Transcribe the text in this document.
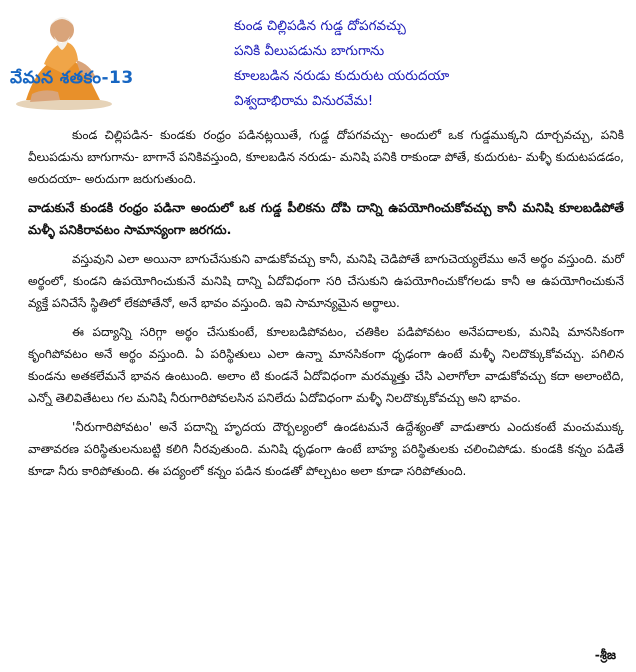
వేమన శతకం-13
కుండ చిల్లిపడిన గుడ్డ దోపగవచ్చు
పనికి వీలుపడును బాగుగాను
కూలబడిన నరుడు కుదురుట యరుదయా
విశ్వదాభిరామ వినురవేమ!

కుండ చిల్లిపడిన- కుండకు రంధ్రం పడినట్లయితే, గుడ్డ దోపగవచ్చు- అందులో ఒక గుడ్డముక్కని దూర్చవచ్చు, పనికి వీలుపడును బాగుగాను- బాగానే పనికివస్తుంది, కూలబడిన నరుడు- మనిషి పనికి రాకుండా పోతే, కుదురుట- మళ్ళీ కుదుటపడడం, అరుదయా- అరుదుగా జరుగుతుంది.

వాడుకునే కుండకి రంధ్రం పడినా అందులో ఒక గుడ్డ పీలికను దోపి దాన్ని ఉపయోగించుకోవచ్చు కానీ మనిషి కూలబడిపోతే మళ్ళీ పనికిరావటం సామాన్యంగా జరగదు.

వస్తువుని ఎలా అయినా బాగుచేసుకుని వాడుకోవచ్చు కానీ, మనిషి చెడిపోతే బాగుచెయ్యలేము అనే అర్థం వస్తుంది. మరో అర్థంలో, కుండని ఉపయోగించుకునే మనిషి దాన్ని ఏదోవిధంగా సరి చేసుకుని ఉపయోగించుకోగలడు కానీ ఆ ఉపయోగించుకునే వ్యక్తే పనిచేసే స్థితిలో లేకపోతేనో, అనే భావం వస్తుంది. ఇవి సామాన్యమైన అర్థాలు.

ఈ పద్యాన్ని సరిగ్గా అర్థం చేసుకుంటే, కూలబడిపోవటం, చతికిల పడిపోవటం అనేపదాలకు, మనిషి మానసికంగా కృంగిపోవటం అనే అర్థం వస్తుంది. ఏ పరిస్థితులు ఎలా ఉన్నా మానసికంగా ధృఢంగా ఉంటే మళ్ళీ నిలదొక్కుకోవచ్చు. పగిలిన కుండను అతకలేమనే భావన ఉంటుంది. అలాం టి కుండనే ఏదోవిధంగా మరమ్మత్తు చేసి ఎలాగోలా వాడుకోవచ్చు కదా అలాంటిది, ఎన్నో తెలివితేటలు గల మనిషి నీరుగారిపోవలసిన పనిలేదు ఏదోవిధంగా మళ్ళీ నిలదొక్కుకోవచ్చు అని భావం.

'నీరుగారిపోవటం' అనే పదాన్ని హృదయ దౌర్బల్యంలో ఉండటమనే ఉద్దేశ్యంతో వాడుతారు ఎందుకంటే మంచుముక్క వాతావరణ పరిస్థితులనుబట్టి కలిగి నీరవుతుంది. మనిషి ధృఢంగా ఉంటే బాహ్య పరిస్థితులకు చలించిపోడు. కుండకి కన్నం పడితే కూడా నీరు కారిపోతుంది. ఈ పద్యంలో కన్నం పడిన కుండతో పోల్చటం అలా కూడా సరిపోతుంది.

-శ్రీజ
